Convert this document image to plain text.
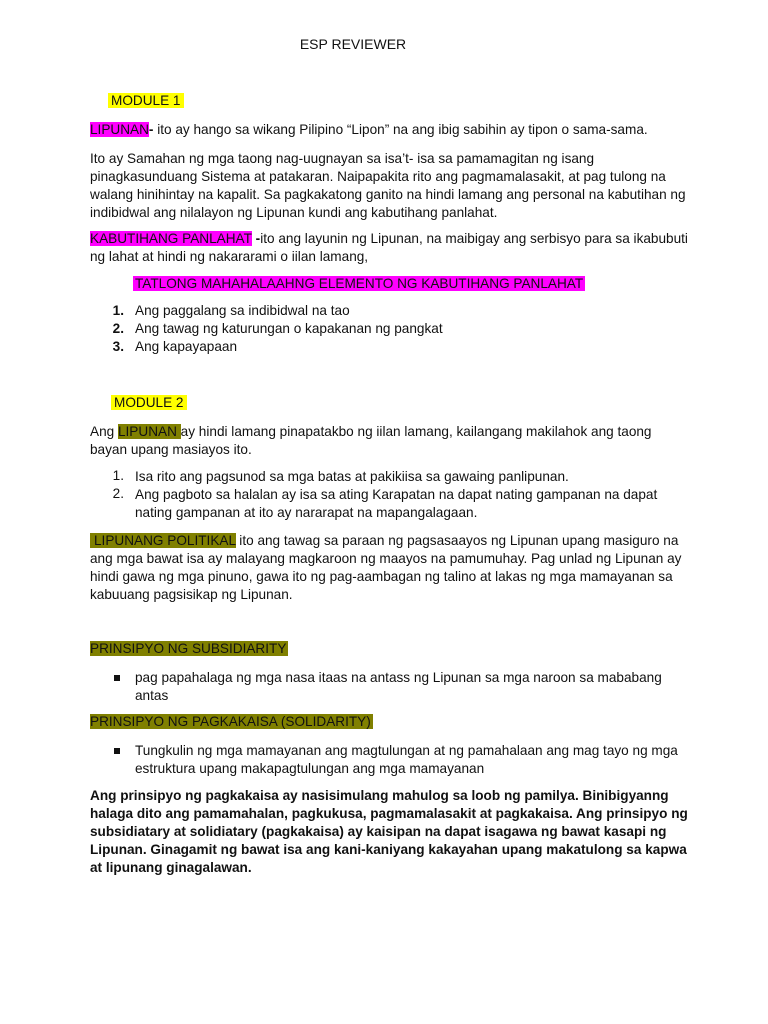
ESP REVIEWER
MODULE 1

LIPUNAN- ito ay hango sa wikang Pilipino “Lipon” na ang ibig sabihin ay tipon o sama-sama.

Ito ay Samahan ng mga taong nag-uugnayan sa isa’t- isa sa pamamagitan ng isang pinagkasunduang Sistema at patakaran. Naipapakita rito ang pagmamalasakit, at pag tulong na walang hinihintay na kapalit. Sa pagkakatong ganito na hindi lamang ang personal na kabutihan ng indibidwal ang nilalayon ng Lipunan kundi ang kabutihang panlahat.

KABUTIHANG PANLAHAT -ito ang layunin ng Lipunan, na maibigay ang serbisyo para sa ikabubuti ng lahat at hindi ng nakararami o iilan lamang,

TATLONG MAHAHALAAHNG ELEMENTO NG KABUTIHANG PANLAHAT
1. Ang paggalang sa indibidwal na tao
2. Ang tawag ng katurungan o kapakanan ng pangkat
3. Ang kapayapaan
MODULE 2

Ang LIPUNAN ay hindi lamang pinapatakbo ng iilan lamang, kailangang makilahok ang taong bayan upang masiayos ito.

1. Isa rito ang pagsunod sa mga batas at pakikiisa sa gawaing panlipunan.
2. Ang pagboto sa halalan ay isa sa ating Karapatan na dapat nating gampanan na dapat nating gampanan at ito ay nararapat na mapangalagaan.

LIPUNANG POLITIKAL ito ang tawag sa paraan ng pagsasaayos ng Lipunan upang masiguro na ang mga bawat isa ay malayang magkaroon ng maayos na pamumuhay. Pag unlad ng Lipunan ay hindi gawa ng mga pinuno, gawa ito ng pag-aambagan ng talino at lakas ng mga mamayanan sa kabuuang pagsisikap ng Lipunan.

PRINSIPYO NG SUBSIDIARITY
pag papahalaga ng mga nasa itaas na antass ng Lipunan sa mga naroon sa mababang antas
PRINSIPYO NG PAGKAKAISA (SOLIDARITY)
Tungkulin ng mga mamayanan ang magtulungan at ng pamahalaan ang mag tayo ng mga estruktura upang makapagtulungan ang mga mamayanan

Ang prinsipyo ng pagkakaisa ay nasisimulang mahulog sa loob ng pamilya. Binibigyanng halaga dito ang pamamahalan, pagkukusa, pagmamalasakit at pagkakaisa. Ang prinsipyo ng subsidiatary at solidiatary (pagkakaisa) ay kaisipan na dapat isagawa ng bawat kasapi ng Lipunan. Ginagamit ng bawat isa ang kani-kaniyang kakayahan upang makatulong sa kapwa at lipunang ginagalawan.
